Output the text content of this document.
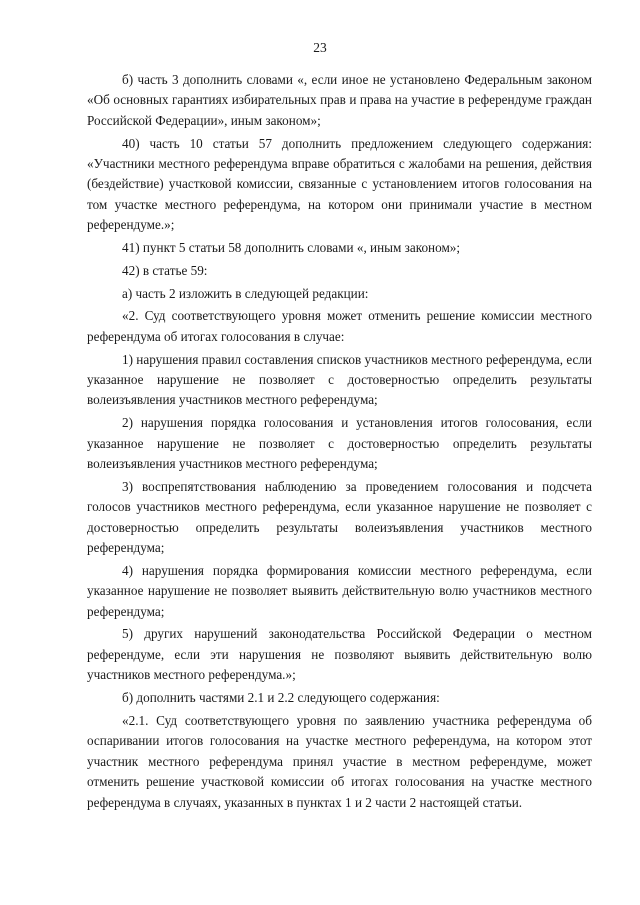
23

б) часть 3 дополнить словами «, если иное не установлено Федеральным законом «Об основных гарантиях избирательных прав и права на участие в референдуме граждан Российской Федерации», иным законом»;

40) часть 10 статьи 57 дополнить предложением следующего содержания: «Участники местного референдума вправе обратиться с жалобами на решения, действия (бездействие) участковой комиссии, связанные с установлением итогов голосования на том участке местного референдума, на котором они принимали участие в местном референдуме.»;

41) пункт 5 статьи 58 дополнить словами «, иным законом»;

42) в статье 59:

а) часть 2 изложить в следующей редакции:

«2. Суд соответствующего уровня может отменить решение комиссии местного референдума об итогах голосования в случае:

1) нарушения правил составления списков участников местного референдума, если указанное нарушение не позволяет с достоверностью определить результаты волеизъявления участников местного референдума;

2) нарушения порядка голосования и установления итогов голосования, если указанное нарушение не позволяет с достоверностью определить результаты волеизъявления участников местного референдума;

3) воспрепятствования наблюдению за проведением голосования и подсчета голосов участников местного референдума, если указанное нарушение не позволяет с достоверностью определить результаты волеизъявления участников местного референдума;

4) нарушения порядка формирования комиссии местного референдума, если указанное нарушение не позволяет выявить действительную волю участников местного референдума;

5) других нарушений законодательства Российской Федерации о местном референдуме, если эти нарушения не позволяют выявить действительную волю участников местного референдума.»;

б) дополнить частями 2.1 и 2.2 следующего содержания:

«2.1. Суд соответствующего уровня по заявлению участника референдума об оспаривании итогов голосования на участке местного референдума, на котором этот участник местного референдума принял участие в местном референдуме, может отменить решение участковой комиссии об итогах голосования на участке местного референдума в случаях, указанных в пунктах 1 и 2 части 2 настоящей статьи.
